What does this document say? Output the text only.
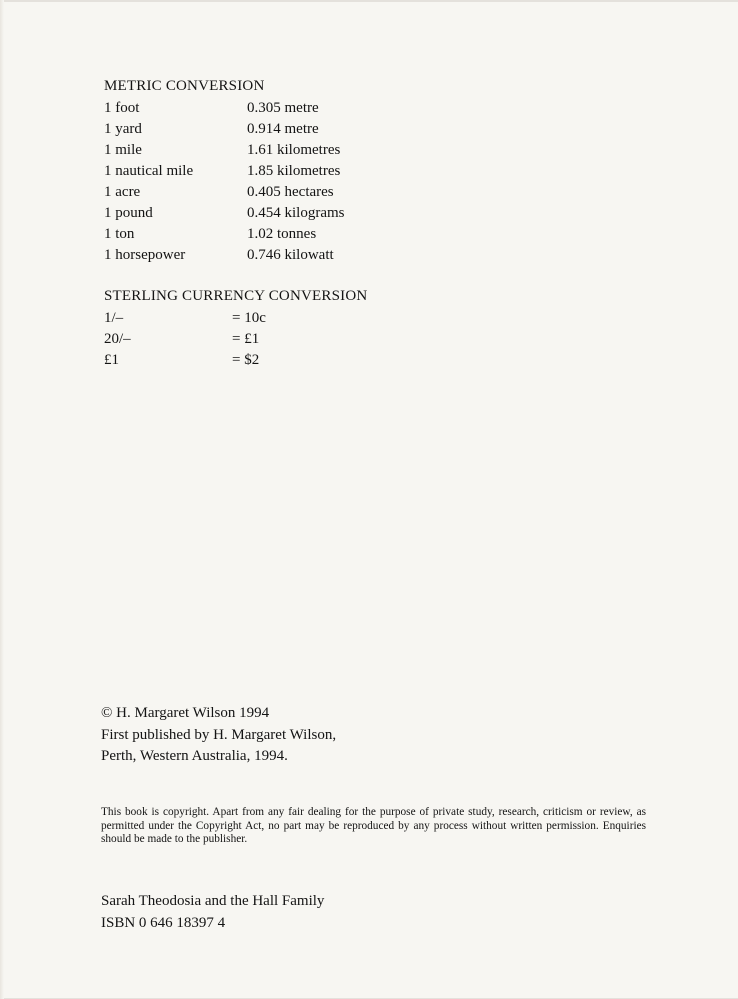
METRIC CONVERSION
1 foot	0.305 metre
1 yard	0.914 metre
1 mile	1.61 kilometres
1 nautical mile	1.85 kilometres
1 acre	0.405 hectares
1 pound	0.454 kilograms
1 ton	1.02 tonnes
1 horsepower	0.746 kilowatt
STERLING CURRENCY CONVERSION
1/–	= 10c
20/–	= £1
£1	= $2
© H. Margaret Wilson 1994
First published by H. Margaret Wilson,
Perth, Western Australia, 1994.

This book is copyright. Apart from any fair dealing for the purpose of private study, research, criticism or review, as permitted under the Copyright Act, no part may be reproduced by any process without written permission. Enquiries should be made to the publisher.

Sarah Theodosia and the Hall Family
ISBN 0 646 18397 4
